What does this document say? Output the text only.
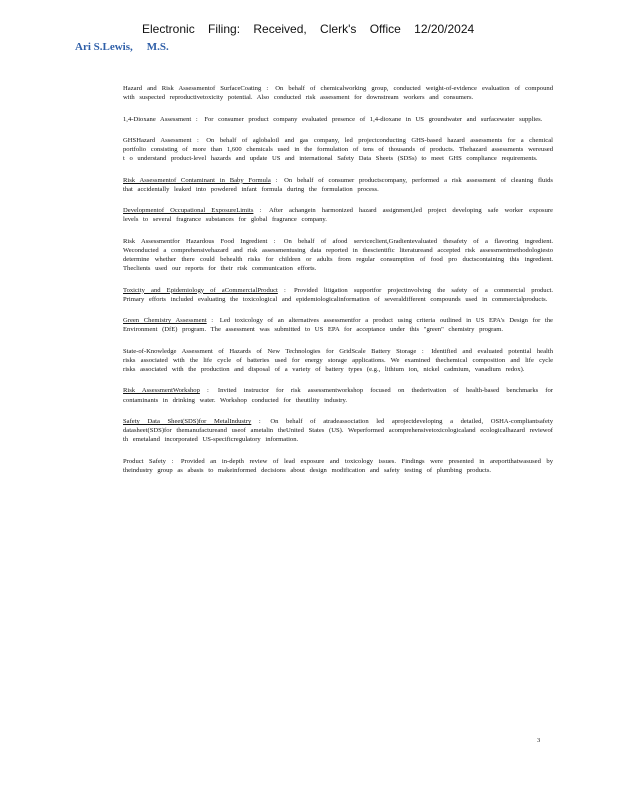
Electronic Filing: Received, Clerk's Office 12/20/2024
Ari S.Lewis, M.S.
Hazard and Risk Assessmentof SurfaceCoating : On behalf of chemicalworking group, conducted weight-of-evidence evaluation of compound with suspected reproductivetoxicity potential. Also conducted risk assessment for downstream workers and consumers.
1,4-Dioxane Assessment : For consumer product company evaluated presence of 1,4-dioxane in US groundwater and surfacewater supplies.
GHSHazard Assessment : On behalf of aglobaloil and gas company, led projectconducting GHS-based hazard assessments for a chemical portfolio consisting of more than 1,600 chemicals used in the formulation of tens of thousands of products. Thehazard assessments wereused t o understand product-level hazards and update US and international Safety Data Sheets (SDSs) to meet GHS compliance requirements.
Risk Assessmentof Contaminant in Baby Formula : On behalf of consumer productscompany, performed a risk assessment of cleaning fluids that accidentally leaked into powdered infant formula during the formulation process.
Developmentof Occupational ExposureLimits : After achangein harmonized hazard assignment,led project developing safe worker exposure levels to several fragrance substances for global fragrance company.
Risk Assessmentfor Hazardous Food Ingredient : On behalf of afood serviceclient,Gradientevaluated thesafety of a flavoring ingredient. Weconducted a comprehensivehazard and risk assessmentusing data reported in thescientific literatureand accepted risk assessmentmethodologiesto determine whether there could behealth risks for children or adults from regular consumption of food pro ductscontaining this ingredient. Theclients used our reports for their risk communication efforts.
Toxicity and Epidemiology of aCommercialProduct : Provided litigation supportfor projectinvolving the safety of a commercial product. Primary efforts included evaluating the toxicological and epidemiologicalinformation of severaldifferent compounds used in commercialproducts.
Green Chemistry Assessment : Led toxicology of an alternatives assessmentfor a product using criteria outlined in US EPA's Design for the Environment (DfE) program. The assessment was submitted to US EPA for acceptance under this "green" chemistry program.
State-of-Knowledge Assessment of Hazards of New Technologies for GridScale Battery Storage : Identified and evaluated potential health risks associated with the life cycle of batteries used for energy storage applications. We examined thechemical composition and life cycle risks associated with the production and disposal of a variety of battery types (e.g., lithium ion, nickel cadmium, vanadium redox).
Risk AssessmentWorkshop : Invited instructor for risk assessmentworkshop focused on thederivation of health-based benchmarks for contaminants in drinking water. Workshop conducted for theutility industry.
Safety Data Sheet(SDS)for MetalIndustry : On behalf of atradeassociation led aprojectdeveloping a detailed, OSHA-compliantsafety datasheet(SDS)for themanufactureand useof ametalin theUnited States (US). Weperformed acomprehensivetoxicologicaland ecologicalhazard reviewof th emetaland incorporated US-specificregulatory information.
Product Safety : Provided an in-depth review of lead exposure and toxicology issues. Findings were presented in areportthatwasused by theindustry group as abasis to makeinformed decisions about design modification and safety testing of plumbing products.
3
